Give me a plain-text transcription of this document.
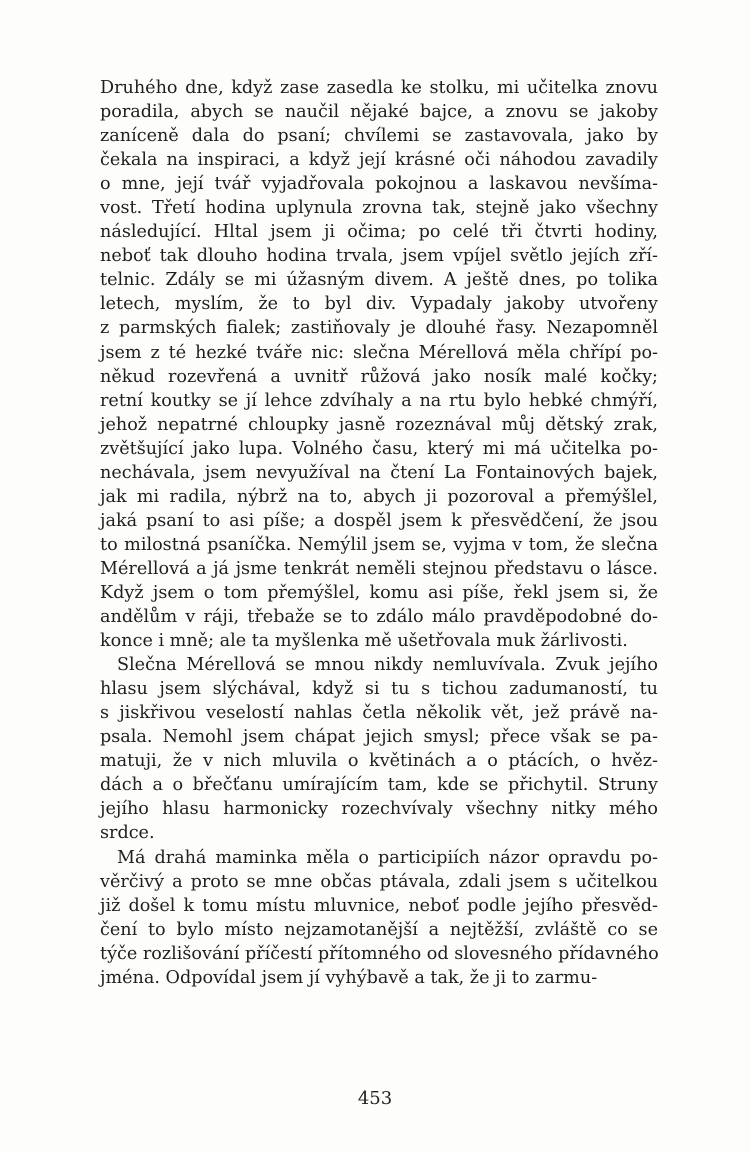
Druhého dne, když zase zasedla ke stolku, mi učitelka znovu
poradila, abych se naučil nějaké bajce, a znovu se jakoby
zaníceně dala do psaní; chvílemi se zastavovala, jako by
čekala na inspiraci, a když její krásné oči náhodou zavadily
o mne, její tvář vyjadřovala pokojnou a laskavou nevšíma-
vost. Třetí hodina uplynula zrovna tak, stejně jako všechny
následující. Hltal jsem ji očima; po celé tři čtvrti hodiny,
neboť tak dlouho hodina trvala, jsem vpíjel světlo jejích zří-
telnic. Zdály se mi úžasným divem. A ještě dnes, po tolika
letech, myslím, že to byl div. Vypadaly jakoby utvořeny
z parmských fialek; zastiňovaly je dlouhé řasy. Nezapomněl
jsem z té hezké tváře nic: slečna Mérellová měla chřípí po-
někud rozevřená a uvnitř růžová jako nosík malé kočky;
retní koutky se jí lehce zdvíhaly a na rtu bylo hebké chmýří,
jehož nepatrné chloupky jasně rozeznával můj dětský zrak,
zvětšující jako lupa. Volného času, který mi má učitelka po-
nechávala, jsem nevyužíval na čtení La Fontainových bajek,
jak mi radila, nýbrž na to, abych ji pozoroval a přemýšlel,
jaká psaní to asi píše; a dospěl jsem k přesvědčení, že jsou
to milostná psaníčka. Nemýlil jsem se, vyjma v tom, že slečna
Mérellová a já jsme tenkrát neměli stejnou představu o lásce.
Když jsem o tom přemýšlel, komu asi píše, řekl jsem si, že
andělům v ráji, třebaže se to zdálo málo pravděpodobné do-
konce i mně; ale ta myšlenka mě ušetřovala muk žárlivosti.
Slečna Mérellová se mnou nikdy nemluvívala. Zvuk jejího
hlasu jsem slýchával, když si tu s tichou zadumaností, tu
s jiskřivou veselostí nahlas četla několik vět, jež právě na-
psala. Nemohl jsem chápat jejich smysl; přece však se pa-
matuji, že v nich mluvila o květinách a o ptácích, o hvěz-
dách a o břečťanu umírajícím tam, kde se přichytil. Struny
jejího hlasu harmonicky rozechvívaly všechny nitky mého
srdce.
Má drahá maminka měla o participiích názor opravdu po-
věrčivý a proto se mne občas ptávala, zdali jsem s učitelkou
již došel k tomu místu mluvnice, neboť podle jejího přesvěd-
čení to bylo místo nejzamotanější a nejtěžší, zvláště co se
týče rozlišování příčestí přítomného od slovesného přídavného
jména. Odpovídal jsem jí vyhýbavě a tak, že ji to zarmu-
453
